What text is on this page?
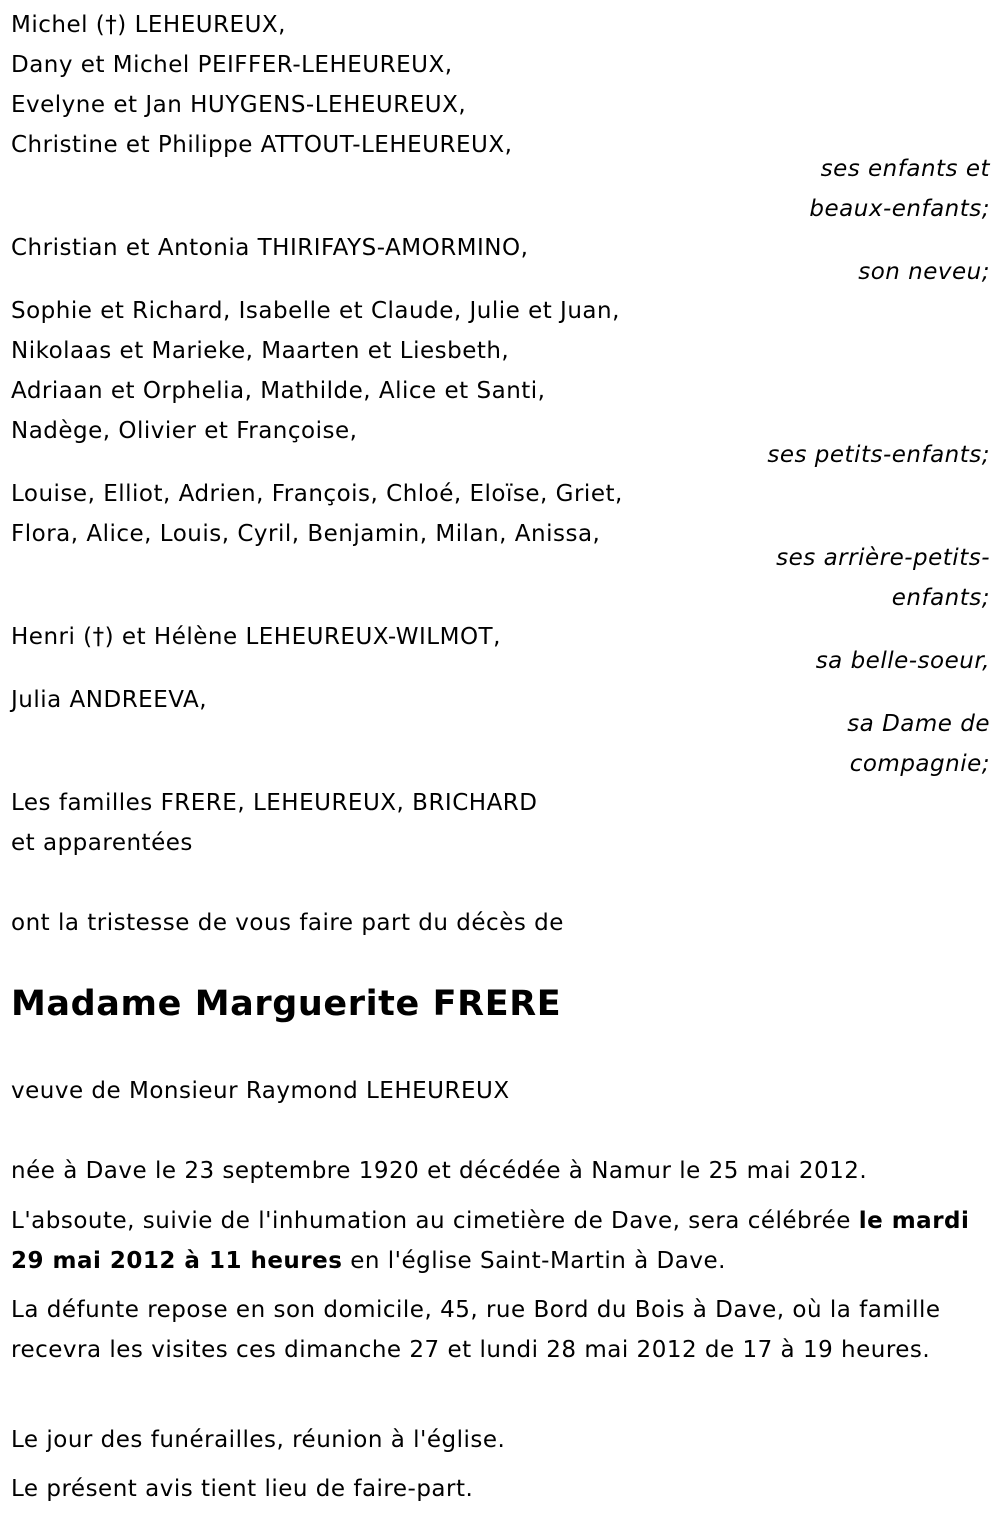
Michel (†) LEHEUREUX,
Dany et Michel PEIFFER-LEHEUREUX,
Evelyne et Jan HUYGENS-LEHEUREUX,
Christine et Philippe ATTOUT-LEHEUREUX,
ses enfants et
beaux-enfants;
Christian et Antonia THIRIFAYS-AMORMINO,
son neveu;
Sophie et Richard, Isabelle et Claude, Julie et Juan,
Nikolaas et Marieke, Maarten et Liesbeth,
Adriaan et Orphelia, Mathilde, Alice et Santi,
Nadège, Olivier et Françoise,
ses petits-enfants;
Louise, Elliot, Adrien, François, Chloé, Eloïse, Griet,
Flora, Alice, Louis, Cyril, Benjamin, Milan, Anissa,
ses arrière-petits-
enfants;
Henri (†) et Hélène LEHEUREUX-WILMOT,
sa belle-soeur,
Julia ANDREEVA,
sa Dame de
compagnie;
Les familles FRERE, LEHEUREUX, BRICHARD
et apparentées
ont la tristesse de vous faire part du décès de
Madame Marguerite FRERE
veuve de Monsieur Raymond LEHEUREUX
née à Dave le 23 septembre 1920 et décédée à Namur le 25 mai 2012.
L'absoute, suivie de l'inhumation au cimetière de Dave, sera célébrée le mardi 29 mai 2012 à 11 heures en l'église Saint-Martin à Dave.
La défunte repose en son domicile, 45, rue Bord du Bois à Dave, où la famille recevra les visites ces dimanche 27 et lundi 28 mai 2012 de 17 à 19 heures.
Le jour des funérailles, réunion à l'église.
Le présent avis tient lieu de faire-part.
